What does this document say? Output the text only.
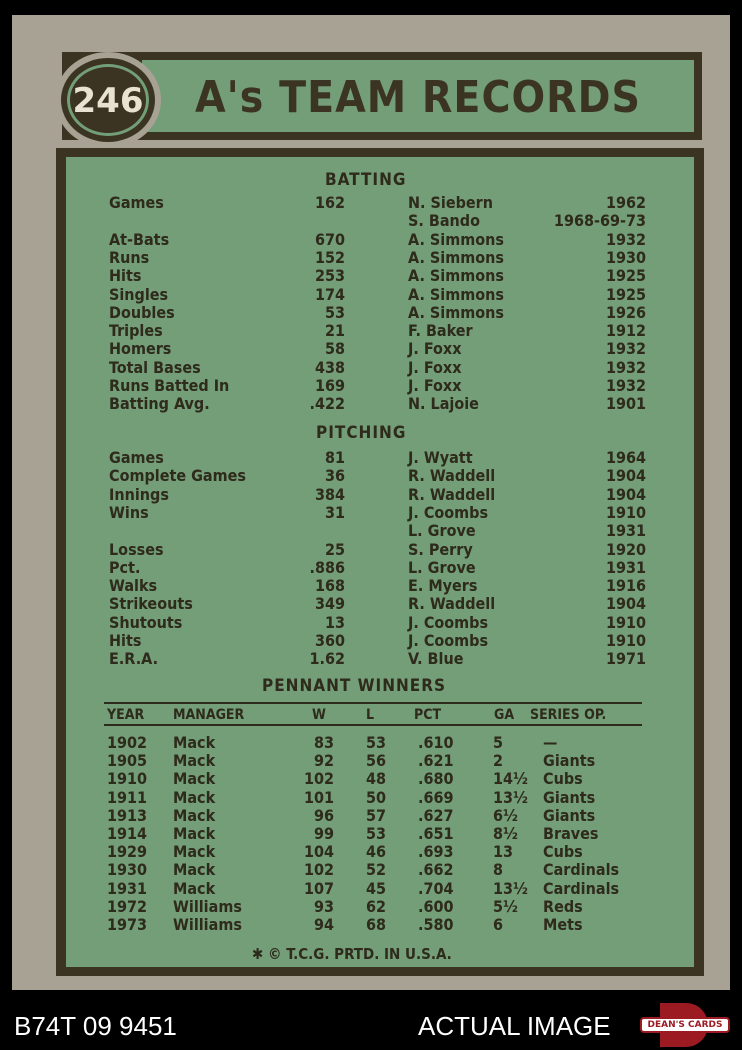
A's TEAM RECORDS
246
BATTING
PITCHING
PENNANT WINNERS
Games	162	N. Siebern	1962
S. Bando	1968-69-73
At-Bats	670	A. Simmons	1932
Runs	152	A. Simmons	1930
Hits	253	A. Simmons	1925
Singles	174	A. Simmons	1925
Doubles	53	A. Simmons	1926
Triples	21	F. Baker	1912
Homers	58	J. Foxx	1932
Total Bases	438	J. Foxx	1932
Runs Batted In	169	J. Foxx	1932
Batting Avg.	.422	N. Lajoie	1901
Games	81	J. Wyatt	1964
Complete Games	36	R. Waddell	1904
Innings	384	R. Waddell	1904
Wins	31	J. Coombs	1910
L. Grove	1931
Losses	25	S. Perry	1920
Pct.	.886	L. Grove	1931
Walks	168	E. Myers	1916
Strikeouts	349	R. Waddell	1904
Shutouts	13	J. Coombs	1910
Hits	360	J. Coombs	1910
E.R.A.	1.62	V. Blue	1971
YEAR MANAGER	W	L	PCT	GA SERIES OP.
1902 Mack	83	53 .610 5 —
1905 Mack	92	56 .621 2 Giants
1910 Mack	102	48 .680 14½ Cubs
1911 Mack	101	50 .669 13½ Giants
1913 Mack	96	57 .627 6½ Giants
1914 Mack	99	53 .651 8½ Braves
1929 Mack	104	46 .693 13 Cubs
1930 Mack	102	52 .662 8 Cardinals
1931 Mack	107	45 .704 13½ Cardinals
1972 Williams	93	62 .600 5½ Reds
1973 Williams	94	68 .580 6 Mets
✱ © T.C.G. PRTD. IN U.S.A.
B74T 09 9451	ACTUAL IMAGE	DEAN'S CARDS
